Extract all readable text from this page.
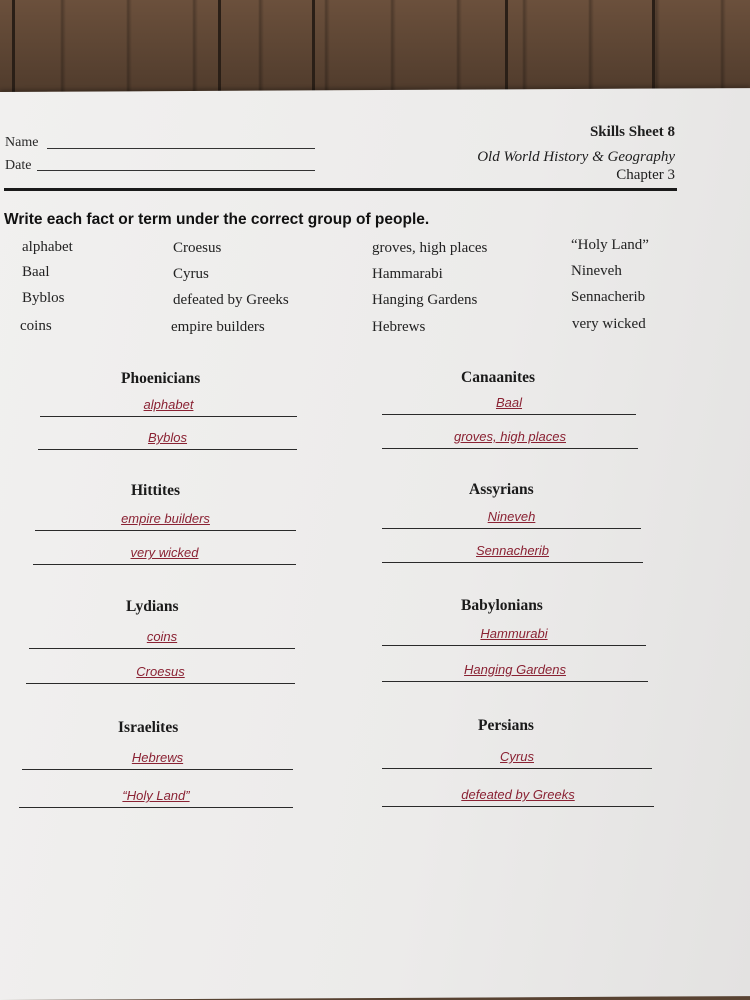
Name
Date
Skills Sheet 8
Old World History & Geography
Chapter 3
Write each fact or term under the correct group of people.
alphabet	Croesus	groves, high places	“Holy Land”
Baal	Cyrus	Hammarabi	Nineveh
Byblos	defeated by Greeks	Hanging Gardens	Sennacherib
coins	empire builders	Hebrews	very wicked
Phoenicians
alphabet
Byblos
Hittites
empire builders
very wicked
Lydians
coins
Croesus
Israelites
Hebrews
“Holy Land”
Canaanites
Baal
groves, high places
Assyrians
Nineveh
Sennacherib
Babylonians
Hammurabi
Hanging Gardens
Persians
Cyrus
defeated by Greeks
